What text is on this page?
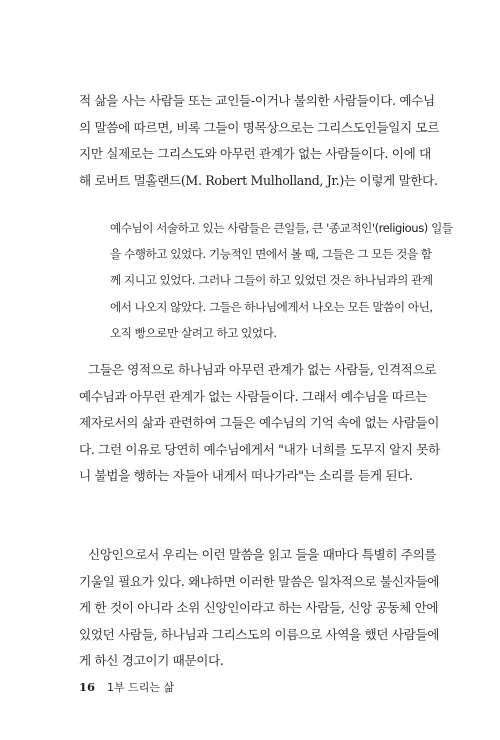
적 삶을 사는 사람들 또는 교인들-이거나 불의한 사람들이다. 예수님
의 말씀에 따르면, 비록 그들이 명목상으로는 그리스도인들일지 모르
지만 실제로는 그리스도와 아무런 관계가 없는 사람들이다. 이에 대
해 로버트 멀홀랜드(M. Robert Mulholland, Jr.)는 이렇게 말한다.

예수님이 서술하고 있는 사람들은 큰일들, 큰 '종교적인'(religious) 일들
을 수행하고 있었다. 기능적인 면에서 볼 때, 그들은 그 모든 것을 함
께 지니고 있었다. 그러나 그들이 하고 있었던 것은 하나님과의 관계
에서 나오지 않았다. 그들은 하나님에게서 나오는 모든 말씀이 아닌,
오직 빵으로만 살려고 하고 있었다.

그들은 영적으로 하나님과 아무런 관계가 없는 사람들, 인격적으로
예수님과 아무런 관계가 없는 사람들이다. 그래서 예수님을 따르는
제자로서의 삶과 관련하여 그들은 예수님의 기억 속에 없는 사람들이
다. 그런 이유로 당연히 예수님에게서 "내가 너희를 도무지 알지 못하
니 불법을 행하는 자들아 내게서 떠나가라"는 소리를 듣게 된다.

신앙인으로서 우리는 이런 말씀을 읽고 들을 때마다 특별히 주의를
기울일 필요가 있다. 왜냐하면 이러한 말씀은 일차적으로 불신자들에
게 한 것이 아니라 소위 신앙인이라고 하는 사람들, 신앙 공동체 안에
있었던 사람들, 하나님과 그리스도의 이름으로 사역을 했던 사람들에
게 하신 경고이기 때문이다.

16 1부 드리는 삶
